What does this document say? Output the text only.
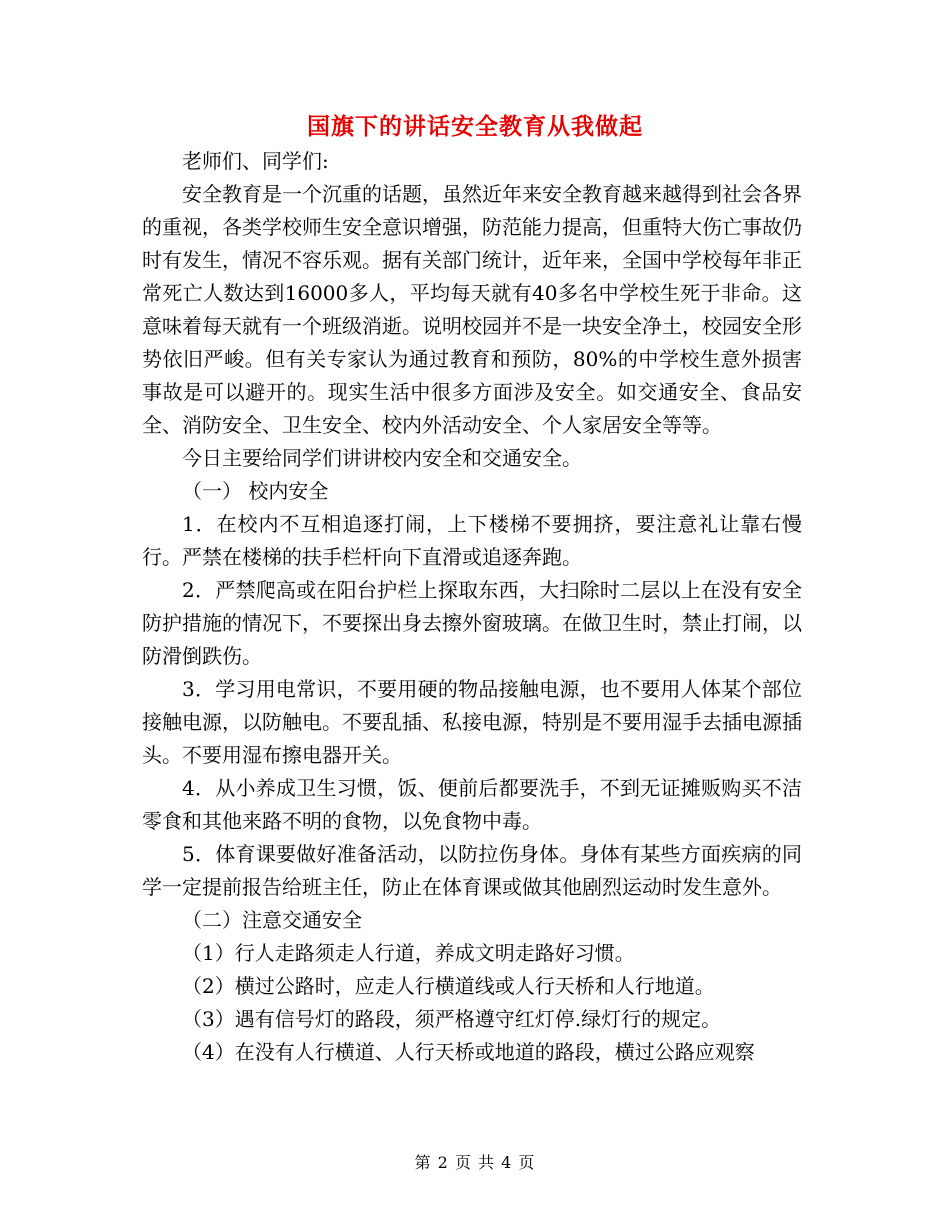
国旗下的讲话安全教育从我做起

老师们、同学们:

安全教育是一个沉重的话题，虽然近年来安全教育越来越得到社会各界的重视，各类学校师生安全意识增强，防范能力提高，但重特大伤亡事故仍时有发生，情况不容乐观。据有关部门统计，近年来，全国中学校每年非正常死亡人数达到16000多人，平均每天就有40多名中学校生死于非命。这意味着每天就有一个班级消逝。说明校园并不是一块安全净土，校园安全形势依旧严峻。但有关专家认为通过教育和预防，80%的中学校生意外损害事故是可以避开的。现实生活中很多方面涉及安全。如交通安全、食品安全、消防安全、卫生安全、校内外活动安全、个人家居安全等等。

今日主要给同学们讲讲校内安全和交通安全。

（一） 校内安全

1．在校内不互相追逐打闹，上下楼梯不要拥挤，要注意礼让靠右慢行。严禁在楼梯的扶手栏杆向下直滑或追逐奔跑。

2．严禁爬高或在阳台护栏上探取东西，大扫除时二层以上在没有安全防护措施的情况下，不要探出身去擦外窗玻璃。在做卫生时，禁止打闹，以防滑倒跌伤。

3．学习用电常识，不要用硬的物品接触电源，也不要用人体某个部位接触电源，以防触电。不要乱插、私接电源，特别是不要用湿手去插电源插头。不要用湿布擦电器开关。

4．从小养成卫生习惯，饭、便前后都要洗手，不到无证摊贩购买不洁零食和其他来路不明的食物，以免食物中毒。

5．体育课要做好准备活动，以防拉伤身体。身体有某些方面疾病的同学一定提前报告给班主任，防止在体育课或做其他剧烈运动时发生意外。

（二）注意交通安全

（1）行人走路须走人行道，养成文明走路好习惯。

（2）横过公路时，应走人行横道线或人行天桥和人行地道。

（3）遇有信号灯的路段，须严格遵守红灯停.绿灯行的规定。

（4）在没有人行横道、人行天桥或地道的路段，横过公路应观察

第 2 页 共 4 页
